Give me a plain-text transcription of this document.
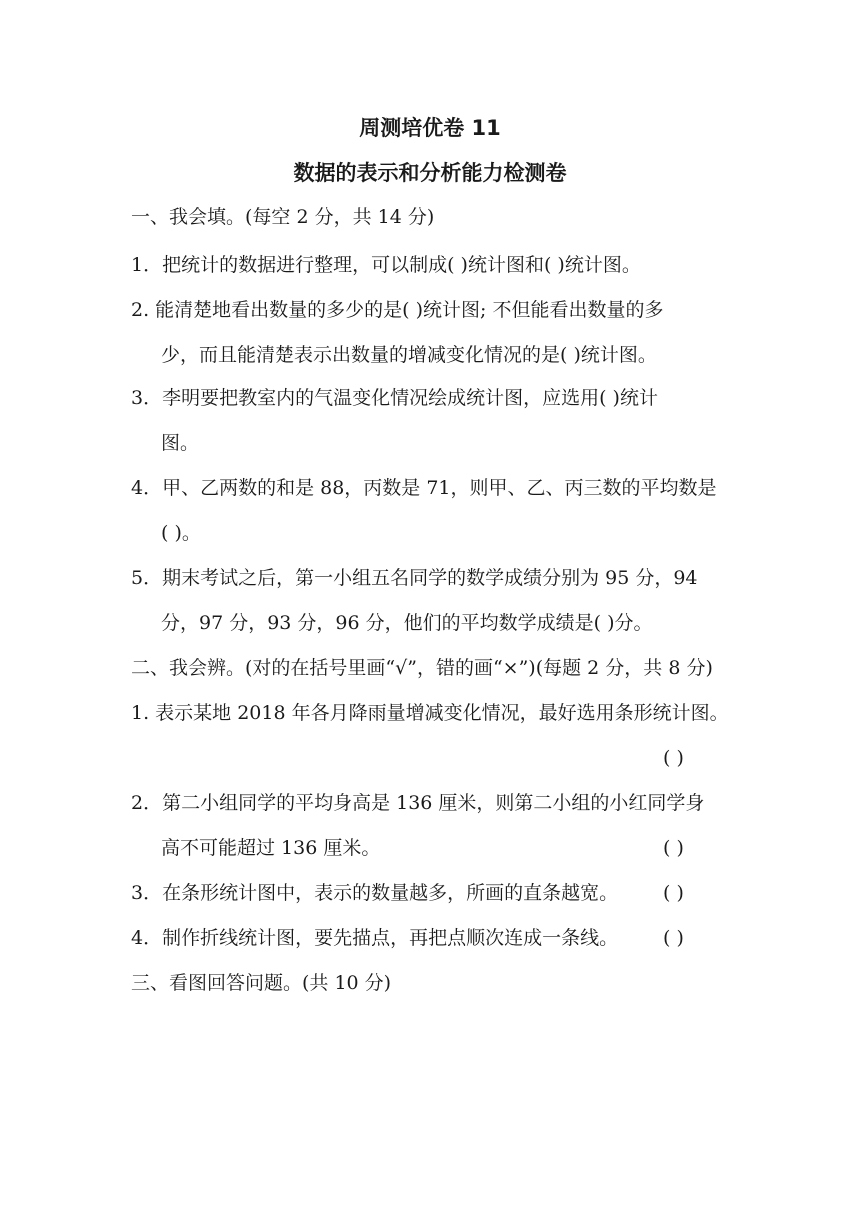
周测培优卷 11
数据的表示和分析能力检测卷
一、我会填。(每空 2 分，共 14 分)
1．把统计的数据进行整理，可以制成( )统计图和( )统计图。
2. 能清楚地看出数量的多少的是( )统计图; 不但能看出数量的多
少，而且能清楚表示出数量的增减变化情况的是( )统计图。
3．李明要把教室内的气温变化情况绘成统计图，应选用( )统计
图。
4．甲、乙两数的和是 88，丙数是 71，则甲、乙、丙三数的平均数是
( )。
5．期末考试之后，第一小组五名同学的数学成绩分别为 95 分，94
分，97 分，93 分，96 分，他们的平均数学成绩是( )分。
二、我会辨。(对的在括号里画“√”，错的画“×”)(每题 2 分，共 8 分)
1. 表示某地 2018 年各月降雨量增减变化情况，最好选用条形统计图。
( )
2．第二小组同学的平均身高是 136 厘米，则第二小组的小红同学身
高不可能超过 136 厘米。	( )
3．在条形统计图中，表示的数量越多，所画的直条越宽。 ( )
4．制作折线统计图，要先描点，再把点顺次连成一条线。 ( )
三、看图回答问题。(共 10 分)
